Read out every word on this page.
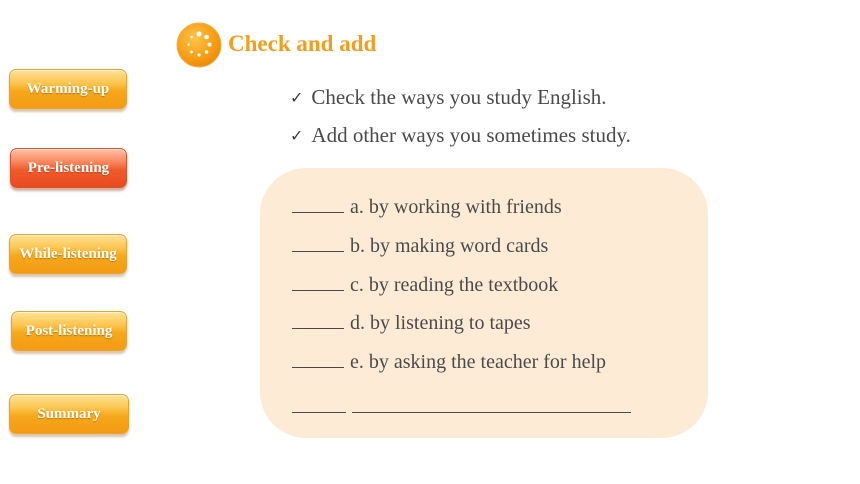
Warming-up
Pre-listening
While-listening
Post-listening
Summary
Check and add
✓ Check the ways you study English.
✓ Add other ways you sometimes study.
a. by working with friends
b. by making word cards
c. by reading the textbook
d. by listening to tapes
e. by asking the teacher for help
